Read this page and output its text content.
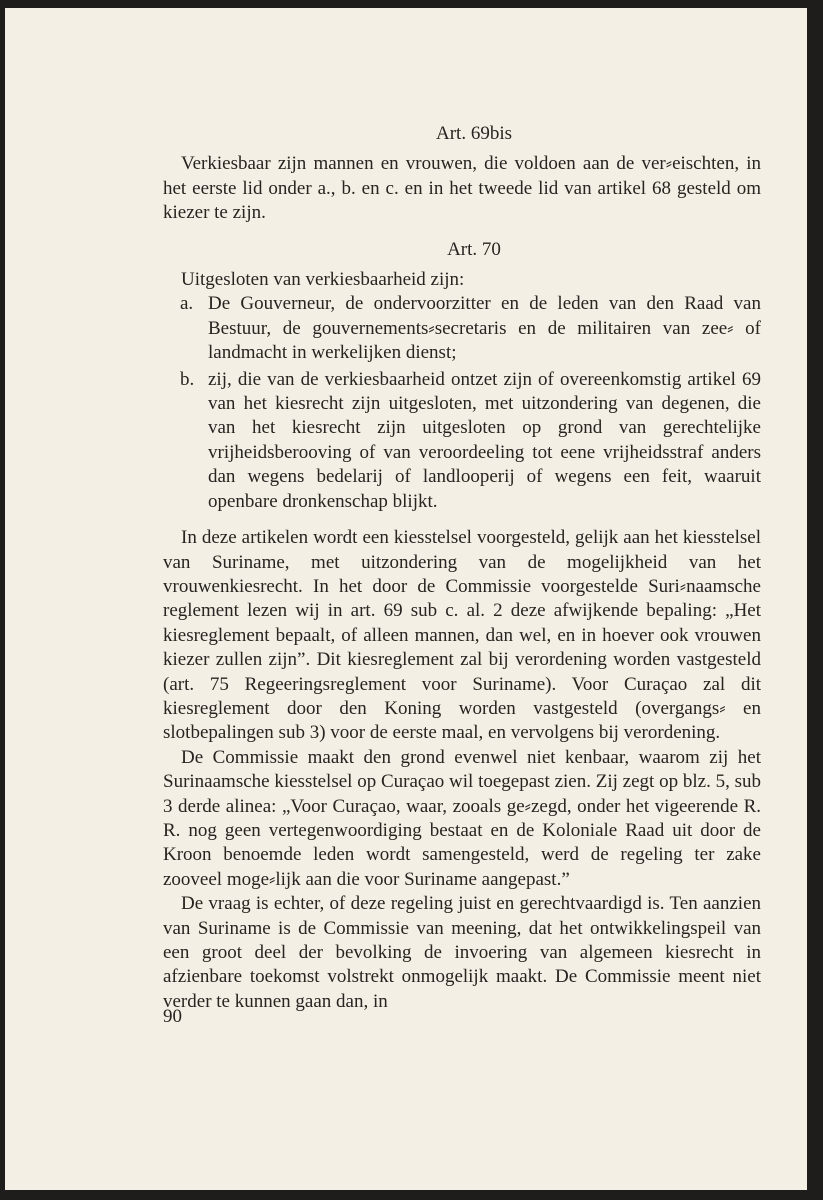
Art. 69bis

Verkiesbaar zijn mannen en vrouwen, die voldoen aan de ver⸗eischten, in het eerste lid onder a., b. en c. en in het tweede lid van artikel 68 gesteld om kiezer te zijn.

Art. 70

Uitgesloten van verkiesbaarheid zijn:

a. De Gouverneur, de ondervoorzitter en de leden van den Raad van Bestuur, de gouvernements⸗secretaris en de militairen van zee⸗ of landmacht in werkelijken dienst;
b. zij, die van de verkiesbaarheid ontzet zijn of overeenkomstig artikel 69 van het kiesrecht zijn uitgesloten, met uitzondering van degenen, die van het kiesrecht zijn uitgesloten op grond van gerechtelijke vrijheidsberooving of van veroordeeling tot eene vrijheidsstraf anders dan wegens bedelarij of landlooperij of wegens een feit, waaruit openbare dronkenschap blijkt.

In deze artikelen wordt een kiesstelsel voorgesteld, gelijk aan het kiesstelsel van Suriname, met uitzondering van de mogelijkheid van het vrouwenkiesrecht. In het door de Commissie voorgestelde Suri⸗naamsche reglement lezen wij in art. 69 sub c. al. 2 deze afwijkende bepaling: „Het kiesreglement bepaalt, of alleen mannen, dan wel, en in hoever ook vrouwen kiezer zullen zijn”. Dit kiesreglement zal bij verordening worden vastgesteld (art. 75 Regeeringsreglement voor Suriname). Voor Curaçao zal dit kiesreglement door den Koning worden vastgesteld (overgangs⸗ en slotbepalingen sub 3) voor de eerste maal, en vervolgens bij verordening.

De Commissie maakt den grond evenwel niet kenbaar, waarom zij het Surinaamsche kiesstelsel op Curaçao wil toegepast zien. Zij zegt op blz. 5, sub 3 derde alinea: „Voor Curaçao, waar, zooals ge⸗zegd, onder het vigeerende R. R. nog geen vertegenwoordiging bestaat en de Koloniale Raad uit door de Kroon benoemde leden wordt samengesteld, werd de regeling ter zake zooveel moge⸗lijk aan die voor Suriname aangepast.”

De vraag is echter, of deze regeling juist en gerechtvaardigd is. Ten aanzien van Suriname is de Commissie van meening, dat het ontwikkelingspeil van een groot deel der bevolking de invoering van algemeen kiesrecht in afzienbare toekomst volstrekt onmogelijk maakt. De Commissie meent niet verder te kunnen gaan dan, in

90
